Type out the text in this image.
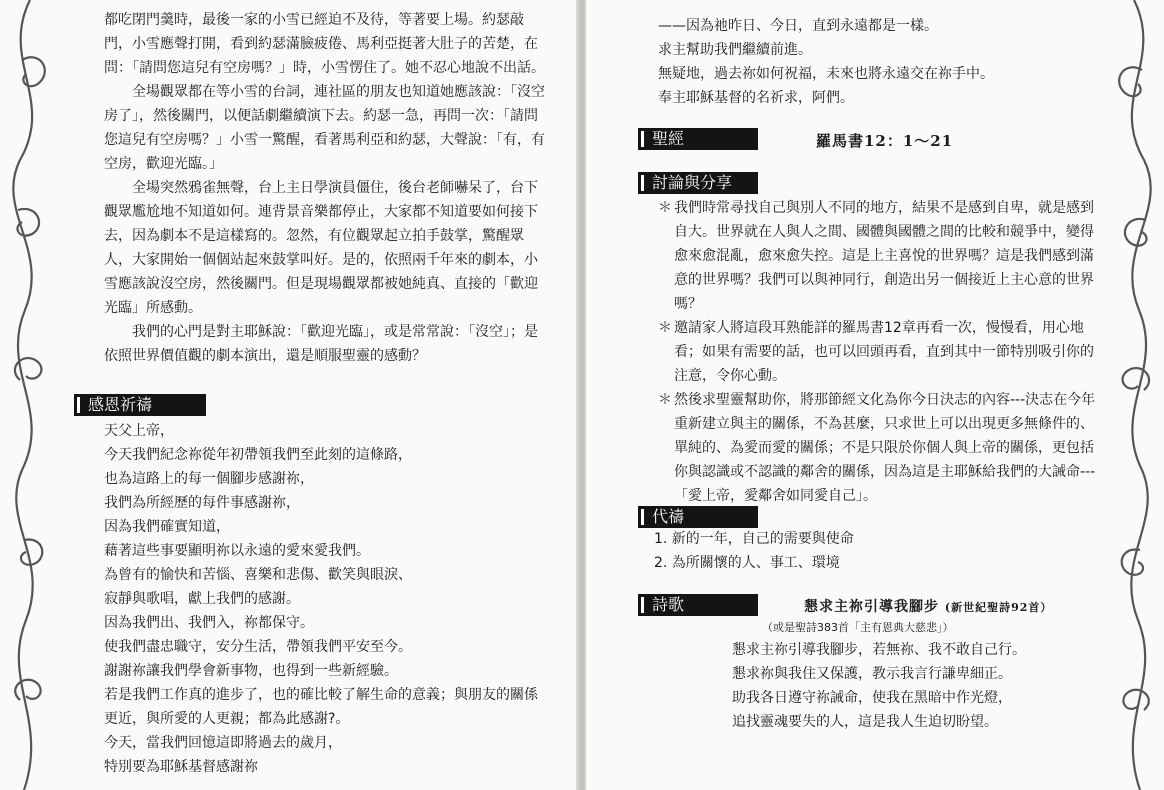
都吃閉門羹時，最後一家的小雪已經迫不及待，等著要上場。約瑟敲門，小雪應聲打開，看到約瑟滿臉疲倦、馬利亞挺著大肚子的苦楚，在問：「請問您這兒有空房嗎？」時，小雪愣住了。她不忍心地說不出話。

全場觀眾都在等小雪的台詞，連社區的朋友也知道她應該說：「沒空房了」，然後關門，以便話劇繼續演下去。約瑟一急，再問一次：「請問您這兒有空房嗎？」小雪一驚醒，看著馬利亞和約瑟，大聲說：「有，有空房，歡迎光臨。」

全場突然鴉雀無聲，台上主日學演員僵住，後台老師嚇呆了，台下觀眾尷尬地不知道如何。連背景音樂都停止，大家都不知道要如何接下去，因為劇本不是這樣寫的。忽然，有位觀眾起立拍手鼓掌，驚醒眾人，大家開始一個個站起來鼓掌叫好。是的，依照兩千年來的劇本，小雪應該說沒空房，然後關門。但是現場觀眾都被她純真、直接的「歡迎光臨」所感動。

我們的心門是對主耶穌說：「歡迎光臨」，或是常常說：「沒空」；是依照世界價值觀的劇本演出，還是順服聖靈的感動？

感恩祈禱

天父上帝，

今天我們紀念祢從年初帶領我們至此刻的這條路，

也為這路上的每一個腳步感謝祢，

我們為所經歷的每件事感謝祢，

因為我們確實知道，

藉著這些事要顯明祢以永遠的愛來愛我們。

為曾有的愉快和苦惱、喜樂和悲傷、歡笑與眼淚、

寂靜與歌唱，獻上我們的感謝。

因為我們出、我們入，祢都保守。

使我們盡忠職守，安分生活，帶領我們平安至今。

謝謝祢讓我們學會新事物，也得到一些新經驗。

若是我們工作真的進步了，也的確比較了解生命的意義；與朋友的關係更近，與所愛的人更親；都為此感謝?。

今天，當我們回憶這即將過去的歲月，

特別要為耶穌基督感謝祢

——因為祂昨日、今日，直到永遠都是一樣。

求主幫助我們繼續前進。

無疑地，過去祢如何祝福，未來也將永遠交在祢手中。

奉主耶穌基督的名祈求，阿們。

聖經	羅馬書12：1～21
討論與分享
＊ 我們時常尋找自己與別人不同的地方，結果不是感到自卑，就是感到自大。世界就在人與人之間、國體與國體之間的比較和競爭中，變得愈來愈混亂，愈來愈失控。這是上主喜悅的世界嗎？這是我們感到滿意的世界嗎？我們可以與神同行，創造出另一個接近上主心意的世界嗎？
＊ 邀請家人將這段耳熟能詳的羅馬書12章再看一次，慢慢看，用心地看；如果有需要的話，也可以回頭再看，直到其中一節特別吸引你的注意，令你心動。
＊ 然後求聖靈幫助你，將那節經文化為你今日決志的內容---決志在今年重新建立與主的關係，不為甚麼，只求世上可以出現更多無條件的、單純的、為愛而愛的關係；不是只限於你個人與上帝的關係，更包括你與認識或不認識的鄰舍的關係，因為這是主耶穌給我們的大誡命---「愛上帝，愛鄰舍如同愛自己」。
代禱

1. 新的一年，自己的需要與使命

2. 為所關懷的人、事工、環境

詩歌	懇求主祢引導我腳步 (新世紀聖詩92首）
（或是聖詩383首「主有恩典大慈悲」）

懇求主祢引導我腳步，若無祢、我不敢自己行。

懇求祢與我住又保護，教示我言行謙卑細正。

助我各日遵守祢誡命，使我在黑暗中作光燈，

追找靈魂要失的人，這是我人生迫切盼望。
